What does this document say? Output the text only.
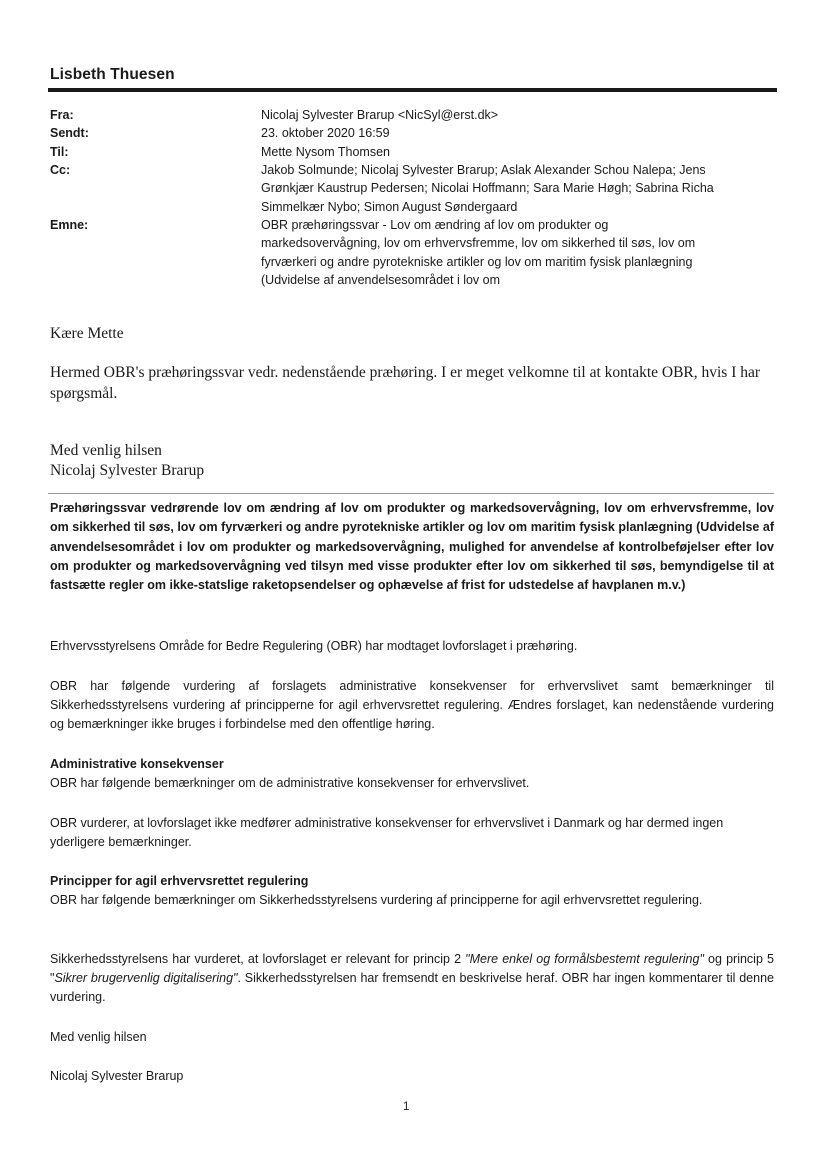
Lisbeth Thuesen
Fra:	Nicolaj Sylvester Brarup <NicSyl@erst.dk>
Sendt:	23. oktober 2020 16:59
Til:	Mette Nysom Thomsen
Cc:	Jakob Solmunde; Nicolaj Sylvester Brarup; Aslak Alexander Schou Nalepa; Jens
Grønkjær Kaustrup Pedersen; Nicolai Hoffmann; Sara Marie Høgh; Sabrina Richa
Simmelkær Nybo; Simon August Søndergaard
Emne:	OBR præhøringssvar - Lov om ændring af lov om produkter og
markedsovervågning, lov om erhvervsfremme, lov om sikkerhed til søs, lov om
fyrværkeri og andre pyrotekniske artikler og lov om maritim fysisk planlægning
(Udvidelse af anvendelsesområdet i lov om
Kære Mette
Hermed OBR's præhøringssvar vedr. nedenstående præhøring. I er meget velkomne til at kontakte OBR, hvis I har spørgsmål.
Med venlig hilsen
Nicolaj Sylvester Brarup
Præhøringssvar vedrørende lov om ændring af lov om produkter og markedsovervågning, lov om erhvervsfremme, lov om sikkerhed til søs, lov om fyrværkeri og andre pyrotekniske artikler og lov om maritim fysisk planlægning (Udvidelse af anvendelsesområdet i lov om produkter og markedsovervågning, mulighed for anvendelse af kontrolbeføjelser efter lov om produkter og markedsovervågning ved tilsyn med visse produkter efter lov om sikkerhed til søs, bemyndigelse til at fastsætte regler om ikke-statslige raketopsendelser og ophævelse af frist for udstedelse af havplanen m.v.)
Erhvervsstyrelsens Område for Bedre Regulering (OBR) har modtaget lovforslaget i præhøring.
OBR har følgende vurdering af forslagets administrative konsekvenser for erhvervslivet samt bemærkninger til Sikkerhedsstyrelsens vurdering af principperne for agil erhvervsrettet regulering. Ændres forslaget, kan nedenstående vurdering og bemærkninger ikke bruges i forbindelse med den offentlige høring.
Administrative konsekvenser
OBR har følgende bemærkninger om de administrative konsekvenser for erhvervslivet.
OBR vurderer, at lovforslaget ikke medfører administrative konsekvenser for erhvervslivet i Danmark og har dermed ingen yderligere bemærkninger.
Principper for agil erhvervsrettet regulering
OBR har følgende bemærkninger om Sikkerhedsstyrelsens vurdering af principperne for agil erhvervsrettet regulering.
Sikkerhedsstyrelsens har vurderet, at lovforslaget er relevant for princip 2 "Mere enkel og formålsbestemt regulering" og princip 5 "Sikrer brugervenlig digitalisering". Sikkerhedsstyrelsen har fremsendt en beskrivelse heraf. OBR har ingen kommentarer til denne vurdering.
Med venlig hilsen
Nicolaj Sylvester Brarup
1
